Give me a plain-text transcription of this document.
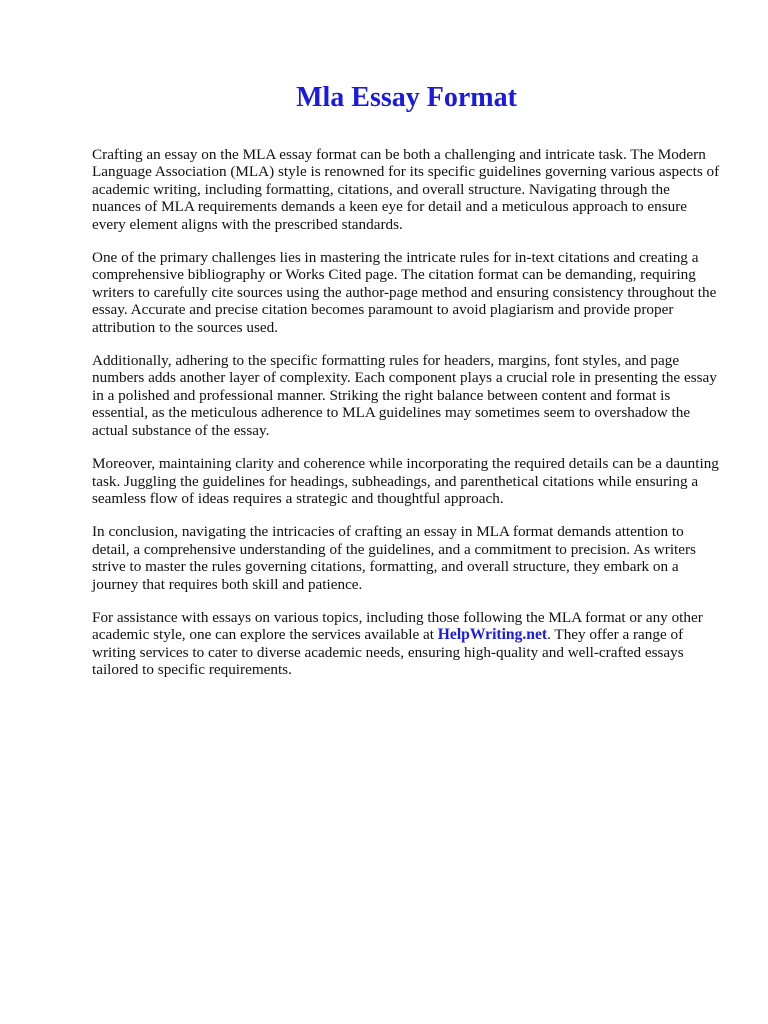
Mla Essay Format

Crafting an essay on the MLA essay format can be both a challenging and intricate task. The Modern Language Association (MLA) style is renowned for its specific guidelines governing various aspects of academic writing, including formatting, citations, and overall structure. Navigating through the nuances of MLA requirements demands a keen eye for detail and a meticulous approach to ensure every element aligns with the prescribed standards.

One of the primary challenges lies in mastering the intricate rules for in-text citations and creating a comprehensive bibliography or Works Cited page. The citation format can be demanding, requiring writers to carefully cite sources using the author-page method and ensuring consistency throughout the essay. Accurate and precise citation becomes paramount to avoid plagiarism and provide proper attribution to the sources used.

Additionally, adhering to the specific formatting rules for headers, margins, font styles, and page numbers adds another layer of complexity. Each component plays a crucial role in presenting the essay in a polished and professional manner. Striking the right balance between content and format is essential, as the meticulous adherence to MLA guidelines may sometimes seem to overshadow the actual substance of the essay.

Moreover, maintaining clarity and coherence while incorporating the required details can be a daunting task. Juggling the guidelines for headings, subheadings, and parenthetical citations while ensuring a seamless flow of ideas requires a strategic and thoughtful approach.

In conclusion, navigating the intricacies of crafting an essay in MLA format demands attention to detail, a comprehensive understanding of the guidelines, and a commitment to precision. As writers strive to master the rules governing citations, formatting, and overall structure, they embark on a journey that requires both skill and patience.

For assistance with essays on various topics, including those following the MLA format or any other academic style, one can explore the services available at HelpWriting.net. They offer a range of writing services to cater to diverse academic needs, ensuring high-quality and well-crafted essays tailored to specific requirements.
